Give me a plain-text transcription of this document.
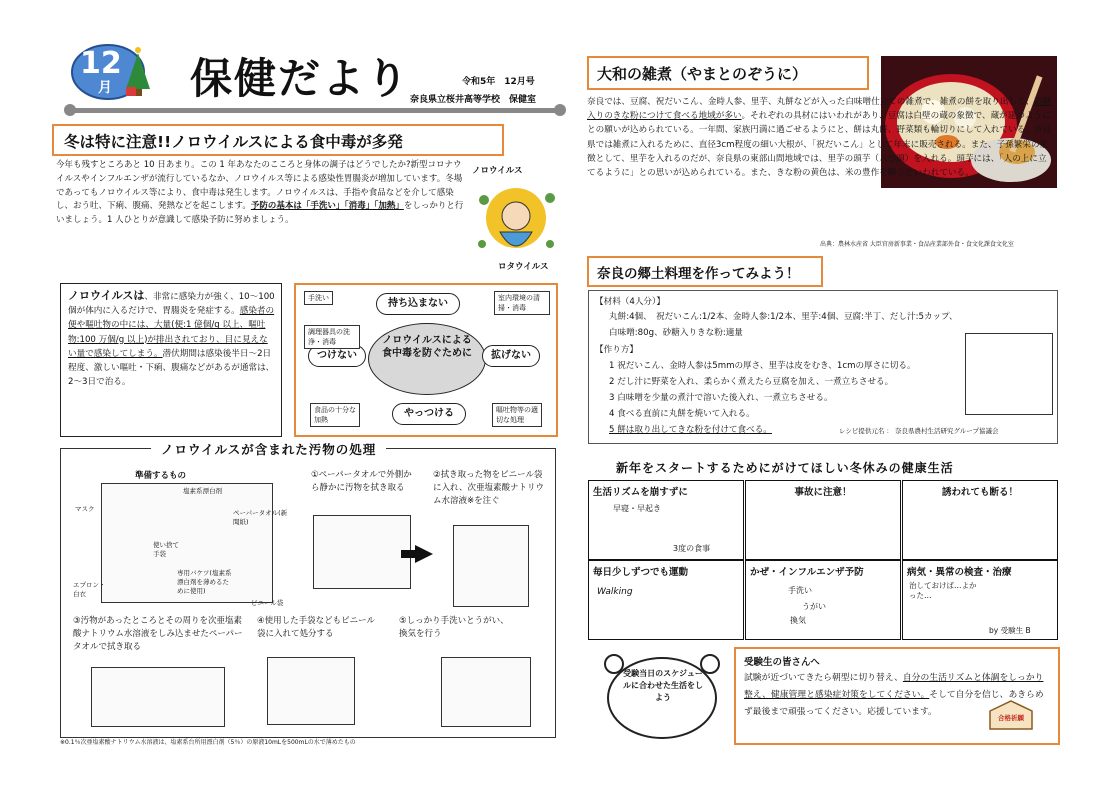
12
月 保健だより	令和5年　12月号
奈良県立桜井高等学校　保健室
冬は特に注意!!ノロウイルスによる食中毒が多発
今年も残すところあと 10 日あまり。この 1 年あなたのこころと身体の調子はどうでしたか?新型コロナウイルスやインフルエンザが流行しているなか、ノロウイルス等による感染性胃腸炎が増加しています。冬場であってもノロウイルス等により、食中毒は発生します。ノロウイルスは、手指や食品などを介して感染し、おう吐、下痢、腹痛、発熱などを起こします。予防の基本は「手洗い」「消毒」「加熱」をしっかりと行いましょう。1 人ひとりが意識して感染予防に努めましょう。
ノロウイルス
ロタウイルス
ノロウイルスは、非常に感染力が強く、10～100 個が体内に入るだけで、胃腸炎を発症する。感染者の便や嘔吐物の中には、大量(便:1 億個/g 以上、嘔吐物:100 万個/g 以上)が排出されており、目に見えない量で感染してしまう。潜伏期間は感染後半日～2日程度、激しい嘔吐・下痢、腹痛などがあるが通常は、2～3日で治る。
ノロウイルスによる食中毒を防ぐために
持ち込まない
つけない	拡げない
やっつける
手洗い
調理器具の洗浄・消毒
室内環境の清掃・消毒
食品の十分な加熱
嘔吐物等の適切な処理
ノロウイルスが含まれた汚物の処理
準備するもの
マスク
塩素系漂白剤
ペーパータオル(新聞紙)
使い捨て手袋
エプロン・白衣
専用バケツ(塩素系漂白剤を薄めるために使用)
ビニール袋
①ペーパータオルで外側から静かに汚物を拭き取る
②拭き取った物をビニール袋に入れ、次亜塩素酸ナトリウム水溶液※を注ぐ
③汚物があったところとその周りを次亜塩素酸ナトリウム水溶液をしみ込ませたペーパータオルで拭き取る
④使用した手袋などもビニール袋に入れて処分する
⑤しっかり手洗いとうがい、換気を行う
※0.1％次亜塩素酸ナトリウム水溶液は、塩素系台所用漂白剤（5％）の原液10mLを500mLの水で薄めたもの
大和の雑煮（やまとのぞうに）
奈良では、豆腐、祝だいこん、金時人参、里芋、丸餅などが入った白味噌仕立ての雑煮で、雑煮の餅を取り出して、砂糖入りのきな粉につけて食べる地域が多い。それぞれの具材にはいわれがあり、豆腐は白壁の蔵の象徴で、蔵が建つようにとの願いが込められている。一年間、家族円満に過ごせるようにと、餅は丸餅、野菜類も輪切りにして入れている。奈良県では雑煮に入れるために、直径3cm程度の細い大根が、「祝だいこん」として年末に販売される。また、子孫繁栄の象徴として、里芋を入れるのだが、奈良県の東部山間地域では、里芋の頭芋（八つ頭）を入れる。頭芋には、「人の上に立てるように」との思いが込められている。また、きな粉の黄色は、米の豊作を願うといわれている。
出典：農林水産省 大臣官房新事業・食品産業部外食・食文化課食文化室
奈良の郷土料理を作ってみよう！
【材料（4人分）】
丸餅:4個、　祝だいこん:1/2本、金時人参:1/2本、里芋:4個、豆腐:半丁、だし汁:5カップ、
白味噌:80g、砂糖入りきな粉:適量
【作り方】
1 祝だいこん、金時人参は5mmの厚さ、里芋は皮をむき、1cmの厚さに切る。
2 だし汁に野菜を入れ、柔らかく煮えたら豆腐を加え、一煮立ちさせる。
3 白味噌を少量の煮汁で溶いた後入れ、一煮立ちさせる。
4 食べる直前に丸餅を焼いて入れる。
5 餅は取り出してきな粉を付けて食べる。	レシピ提供元名 ： 奈良県農村生活研究グループ協議会
新年をスタートするためにがけてほしい冬休みの健康生活
生活リズムを崩すずに
早寝・早起き
3度の食事
事故に注意！	誘われても断る！
毎日少しずつでも運動
Walking
かぜ・インフルエンザ予防
手洗い
うがい
換気
病気・異常の検査・治療
治しておけば…よかった…
by 受験生 B
受験当日のスケジュールに合わせた生活をしよう
受験生の皆さんへ
試験が近づいてきたら朝型に切り替え、自分の生活リズムと体調をしっかり整え、健康管理と感染症対策をしてください。そして自分を信じ、あきらめず最後まで頑張ってください。応援しています。
合格祈願
